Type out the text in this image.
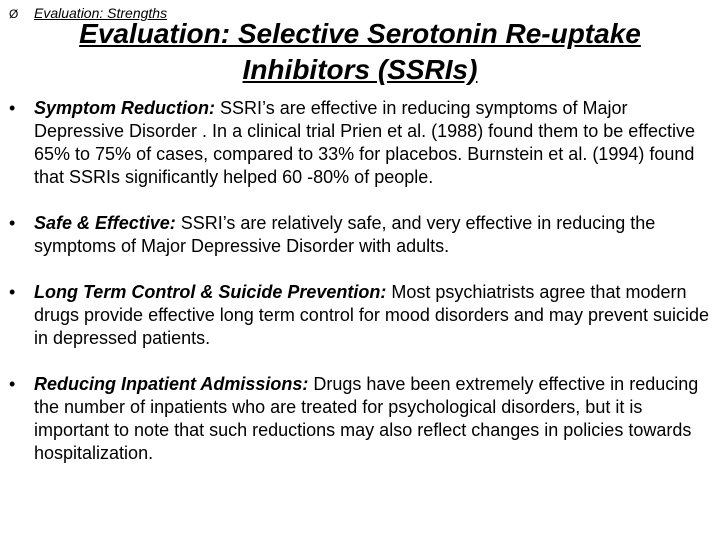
Ø Evaluation: Strengths
Evaluation: Selective Serotonin Re-uptake
Inhibitors (SSRIs)
• Symptom Reduction: SSRI’s are effective in reducing symptoms of Major Depressive Disorder . In a clinical trial Prien et al. (1988) found them to be effective 65% to 75% of cases, compared to 33% for placebos. Burnstein et al. (1994) found that SSRIs significantly helped 60 -80% of people.
• Safe & Effective: SSRI’s are relatively safe, and very effective in reducing the symptoms of Major Depressive Disorder with adults.
• Long Term Control & Suicide Prevention: Most psychiatrists agree that modern drugs provide effective long term control for mood disorders and may prevent suicide in depressed patients.
• Reducing Inpatient Admissions: Drugs have been extremely effective in reducing the number of inpatients who are treated for psychological disorders, but it is important to note that such reductions may also reflect changes in policies towards hospitalization.
